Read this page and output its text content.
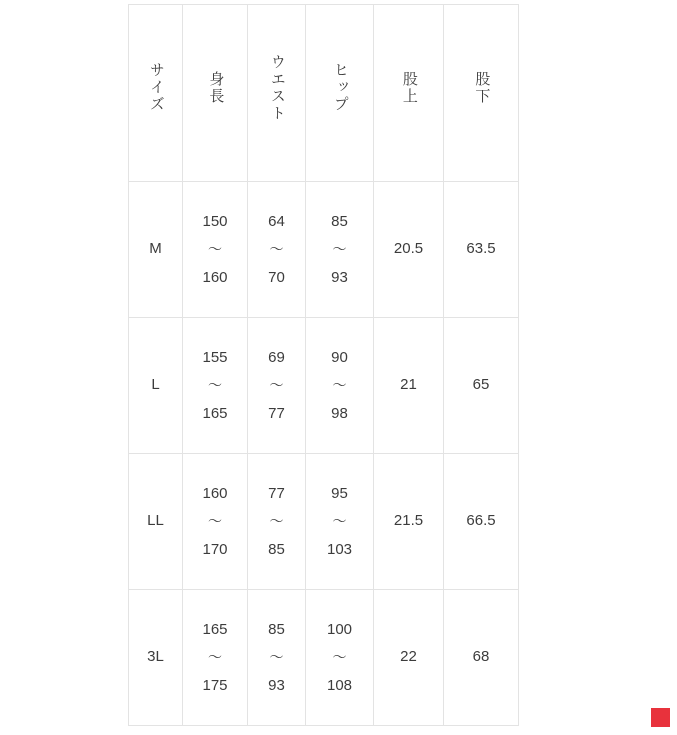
サイズ	身長	ウエスト	ヒップ	股上	股下

M	150
〜
160	64
〜
70	85
〜
93	20.5	63.5

L	155
〜
165	69
〜
77	90
〜
98	21	65

LL	160
〜
170	77
〜
85	95
〜
103	21.5	66.5

3L	165
〜
175	85
〜
93	100
〜
108	22	68
